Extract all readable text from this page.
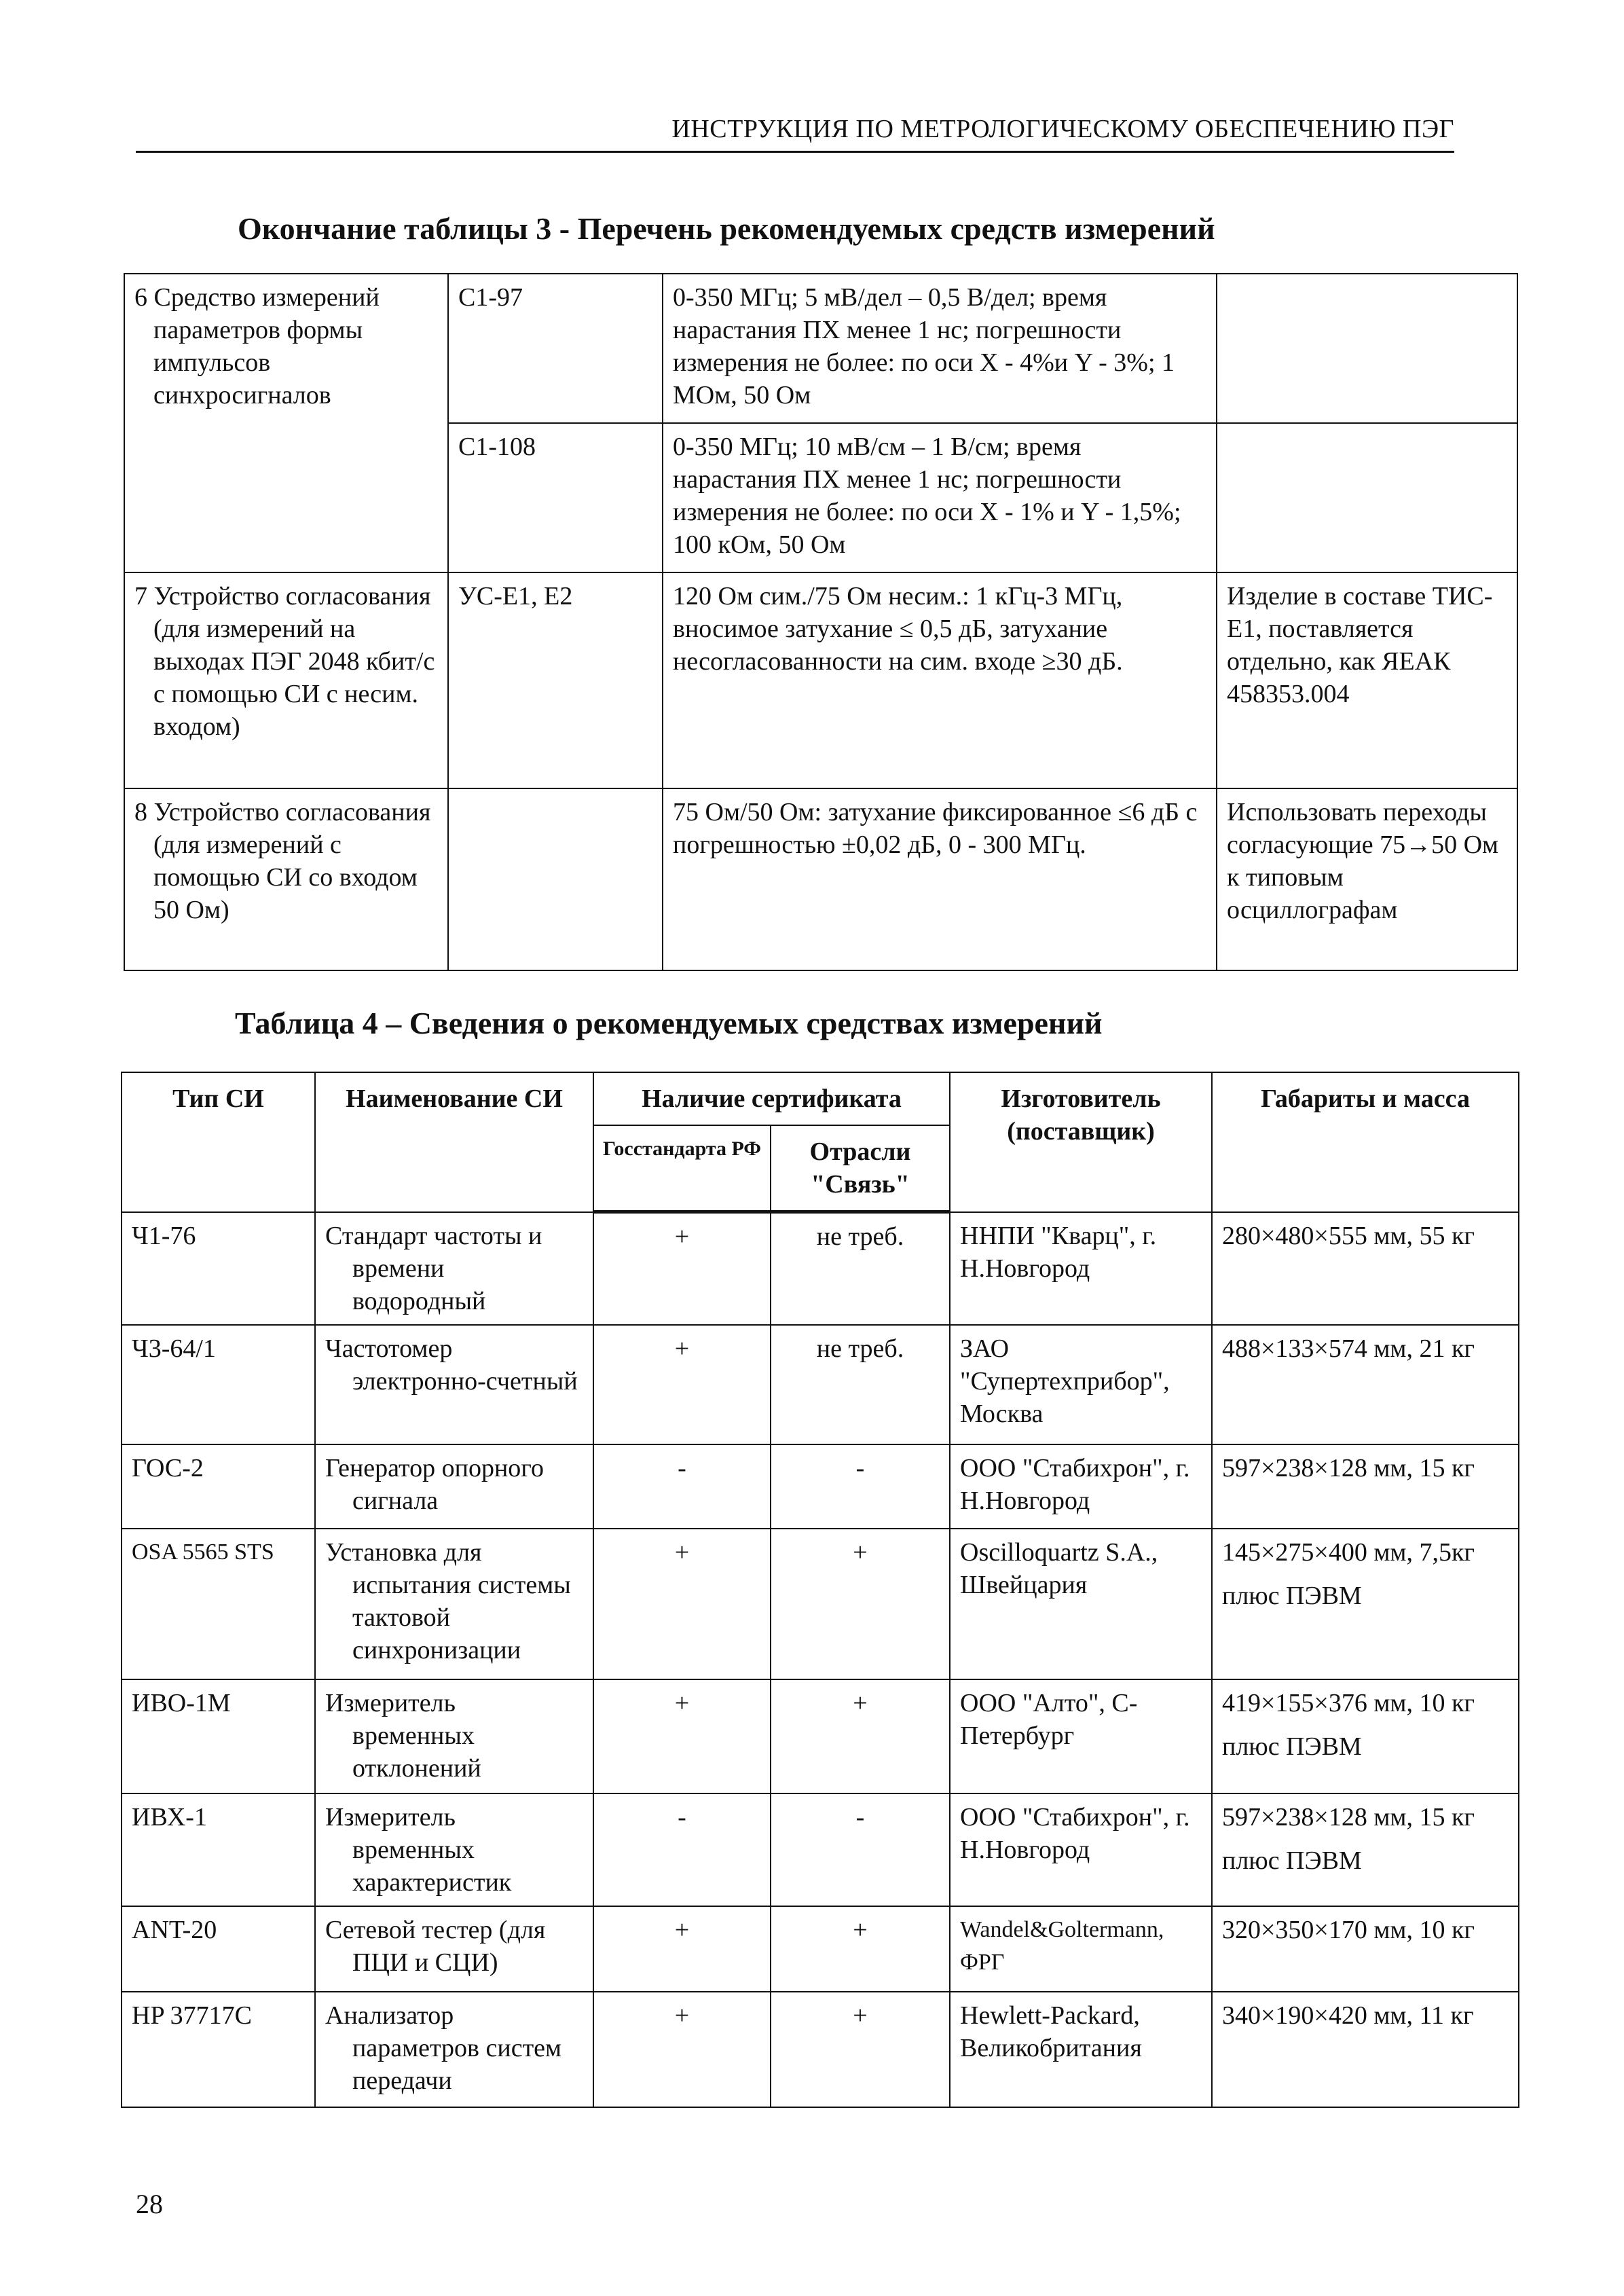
ИНСТРУКЦИЯ ПО МЕТРОЛОГИЧЕСКОМУ ОБЕСПЕЧЕНИЮ ПЭГ
Окончание таблицы 3 - Перечень рекомендуемых средств измерений
6 Средство измерений параметров формы импульсов синхросигналов	С1-97	0-350 МГц; 5 мВ/дел – 0,5 В/дел; время нарастания ПХ менее 1 нс; погрешности измерения не более: по оси Х - 4%и Y - 3%; 1 МОм, 50 Ом	
	С1-108	0-350 МГц; 10 мВ/см – 1 В/см; время нарастания ПХ менее 1 нс; погрешности измерения не более: по оси Х - 1% и Y - 1,5%; 100 кОм, 50 Ом	
7 Устройство согласования (для измерений на выходах ПЭГ 2048 кбит/с с помощью СИ с несим. входом)	УС-Е1, Е2	120 Ом сим./75 Ом несим.: 1 кГц-3 МГц, вносимое затухание ≤ 0,5 дБ, затухание несогласованности на сим. входе ≥30 дБ.	Изделие в составе ТИС-Е1, поставляется отдельно, как ЯЕАК 458353.004
8 Устройство согласования (для измерений с помощью СИ со входом 50 Ом)		75 Ом/50 Ом: затухание фиксированное ≤6 дБ с погрешностью ±0,02 дБ, 0 - 300 МГц.	Использовать переходы согласующие 75→50 Ом к типовым осциллографам
Таблица 4 – Сведения о рекомендуемых средствах измерений
Тип СИ	Наименование СИ	Наличие сертификата		Изготовитель (поставщик)	Габариты и масса
		Госстандарта РФ	Отрасли "Связь"		
Ч1-76	Стандарт частоты и времени водородный	+	не треб.	ННПИ "Кварц", г. Н.Новгород	280×480×555 мм, 55 кг
Ч3-64/1	Частотомер электронно-счетный	+	не треб.	ЗАО "Супертехприбор", Москва	488×133×574 мм, 21 кг
ГОС-2	Генератор опорного сигнала	-	-	ООО "Стабихрон", г. Н.Новгород	597×238×128 мм, 15 кг
OSA 5565 STS	Установка для испытания системы тактовой синхронизации	+	+	Oscilloquartz S.A., Швейцария	145×275×400 мм, 7,5кг
плюс ПЭВМ

ИВО-1М	Измеритель временных отклонений	+	+	ООО "Алто", С-Петербург	419×155×376 мм, 10 кг
плюс ПЭВМ

ИВХ-1	Измеритель временных характеристик	-	-	ООО "Стабихрон", г. Н.Новгород	597×238×128 мм, 15 кг
плюс ПЭВМ

ANT-20	Сетевой тестер (для ПЦИ и СЦИ)	+	+	Wandel&Goltermann, ФРГ	320×350×170 мм, 10 кг
HP 37717C	Анализатор параметров систем передачи	+	+	Hewlett-Packard, Великобритания	340×190×420 мм, 11 кг
28
